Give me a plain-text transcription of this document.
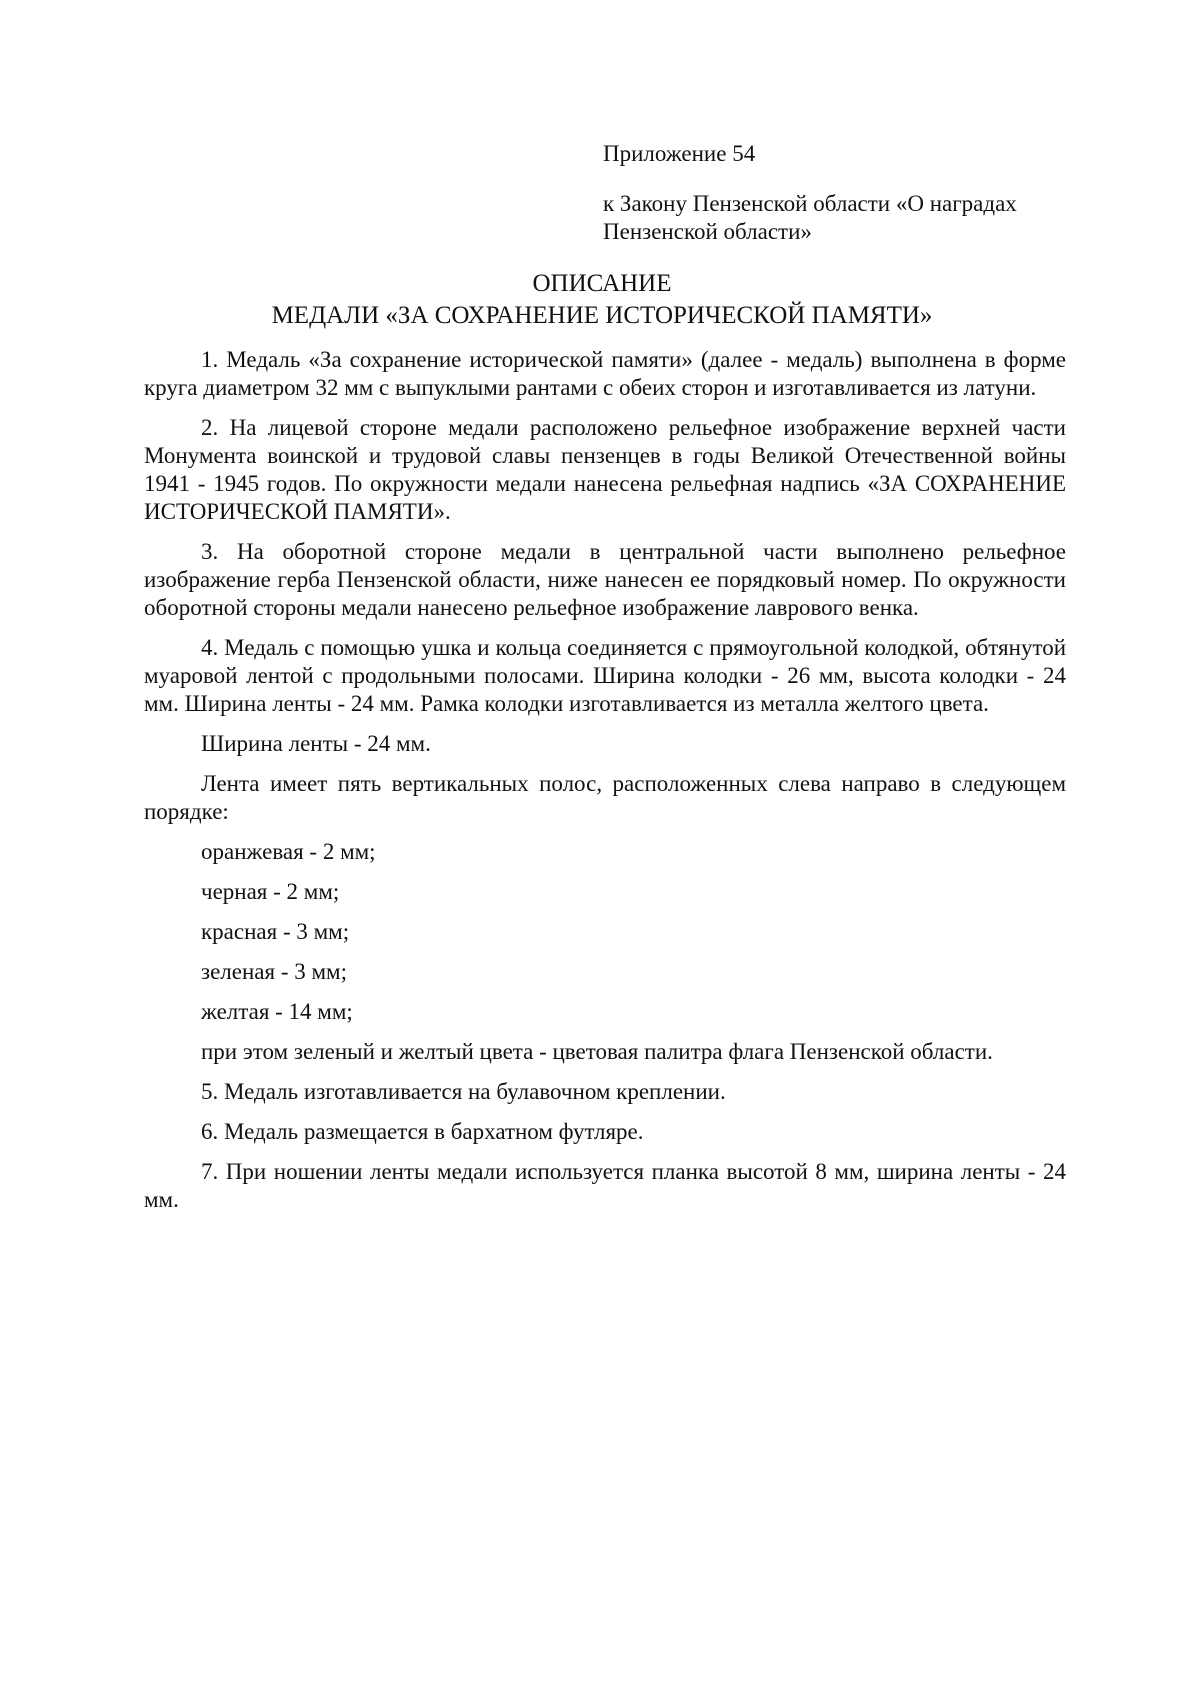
Приложение 54

к Закону Пензенской области «О наградах Пензенской области»

ОПИСАНИЕ
МЕДАЛИ «ЗА СОХРАНЕНИЕ ИСТОРИЧЕСКОЙ ПАМЯТИ»

1. Медаль «За сохранение исторической памяти» (далее - медаль) выполнена в форме круга диаметром 32 мм с выпуклыми рантами с обеих сторон и изготавливается из латуни.

2. На лицевой стороне медали расположено рельефное изображение верхней части Монумента воинской и трудовой славы пензенцев в годы Великой Отечественной войны 1941 - 1945 годов. По окружности медали нанесена рельефная надпись «ЗА СОХРАНЕНИЕ ИСТОРИЧЕСКОЙ ПАМЯТИ».

3. На оборотной стороне медали в центральной части выполнено рельефное изображение герба Пензенской области, ниже нанесен ее порядковый номер. По окружности оборотной стороны медали нанесено рельефное изображение лаврового венка.

4. Медаль с помощью ушка и кольца соединяется с прямоугольной колодкой, обтянутой муаровой лентой с продольными полосами. Ширина колодки - 26 мм, высота колодки - 24 мм. Ширина ленты - 24 мм. Рамка колодки изготавливается из металла желтого цвета.

Ширина ленты - 24 мм.

Лента имеет пять вертикальных полос, расположенных слева направо в следующем порядке:

оранжевая - 2 мм;

черная - 2 мм;

красная - 3 мм;

зеленая - 3 мм;

желтая - 14 мм;

при этом зеленый и желтый цвета - цветовая палитра флага Пензенской области.

5. Медаль изготавливается на булавочном креплении.

6. Медаль размещается в бархатном футляре.

7. При ношении ленты медали используется планка высотой 8 мм, ширина ленты - 24 мм.
